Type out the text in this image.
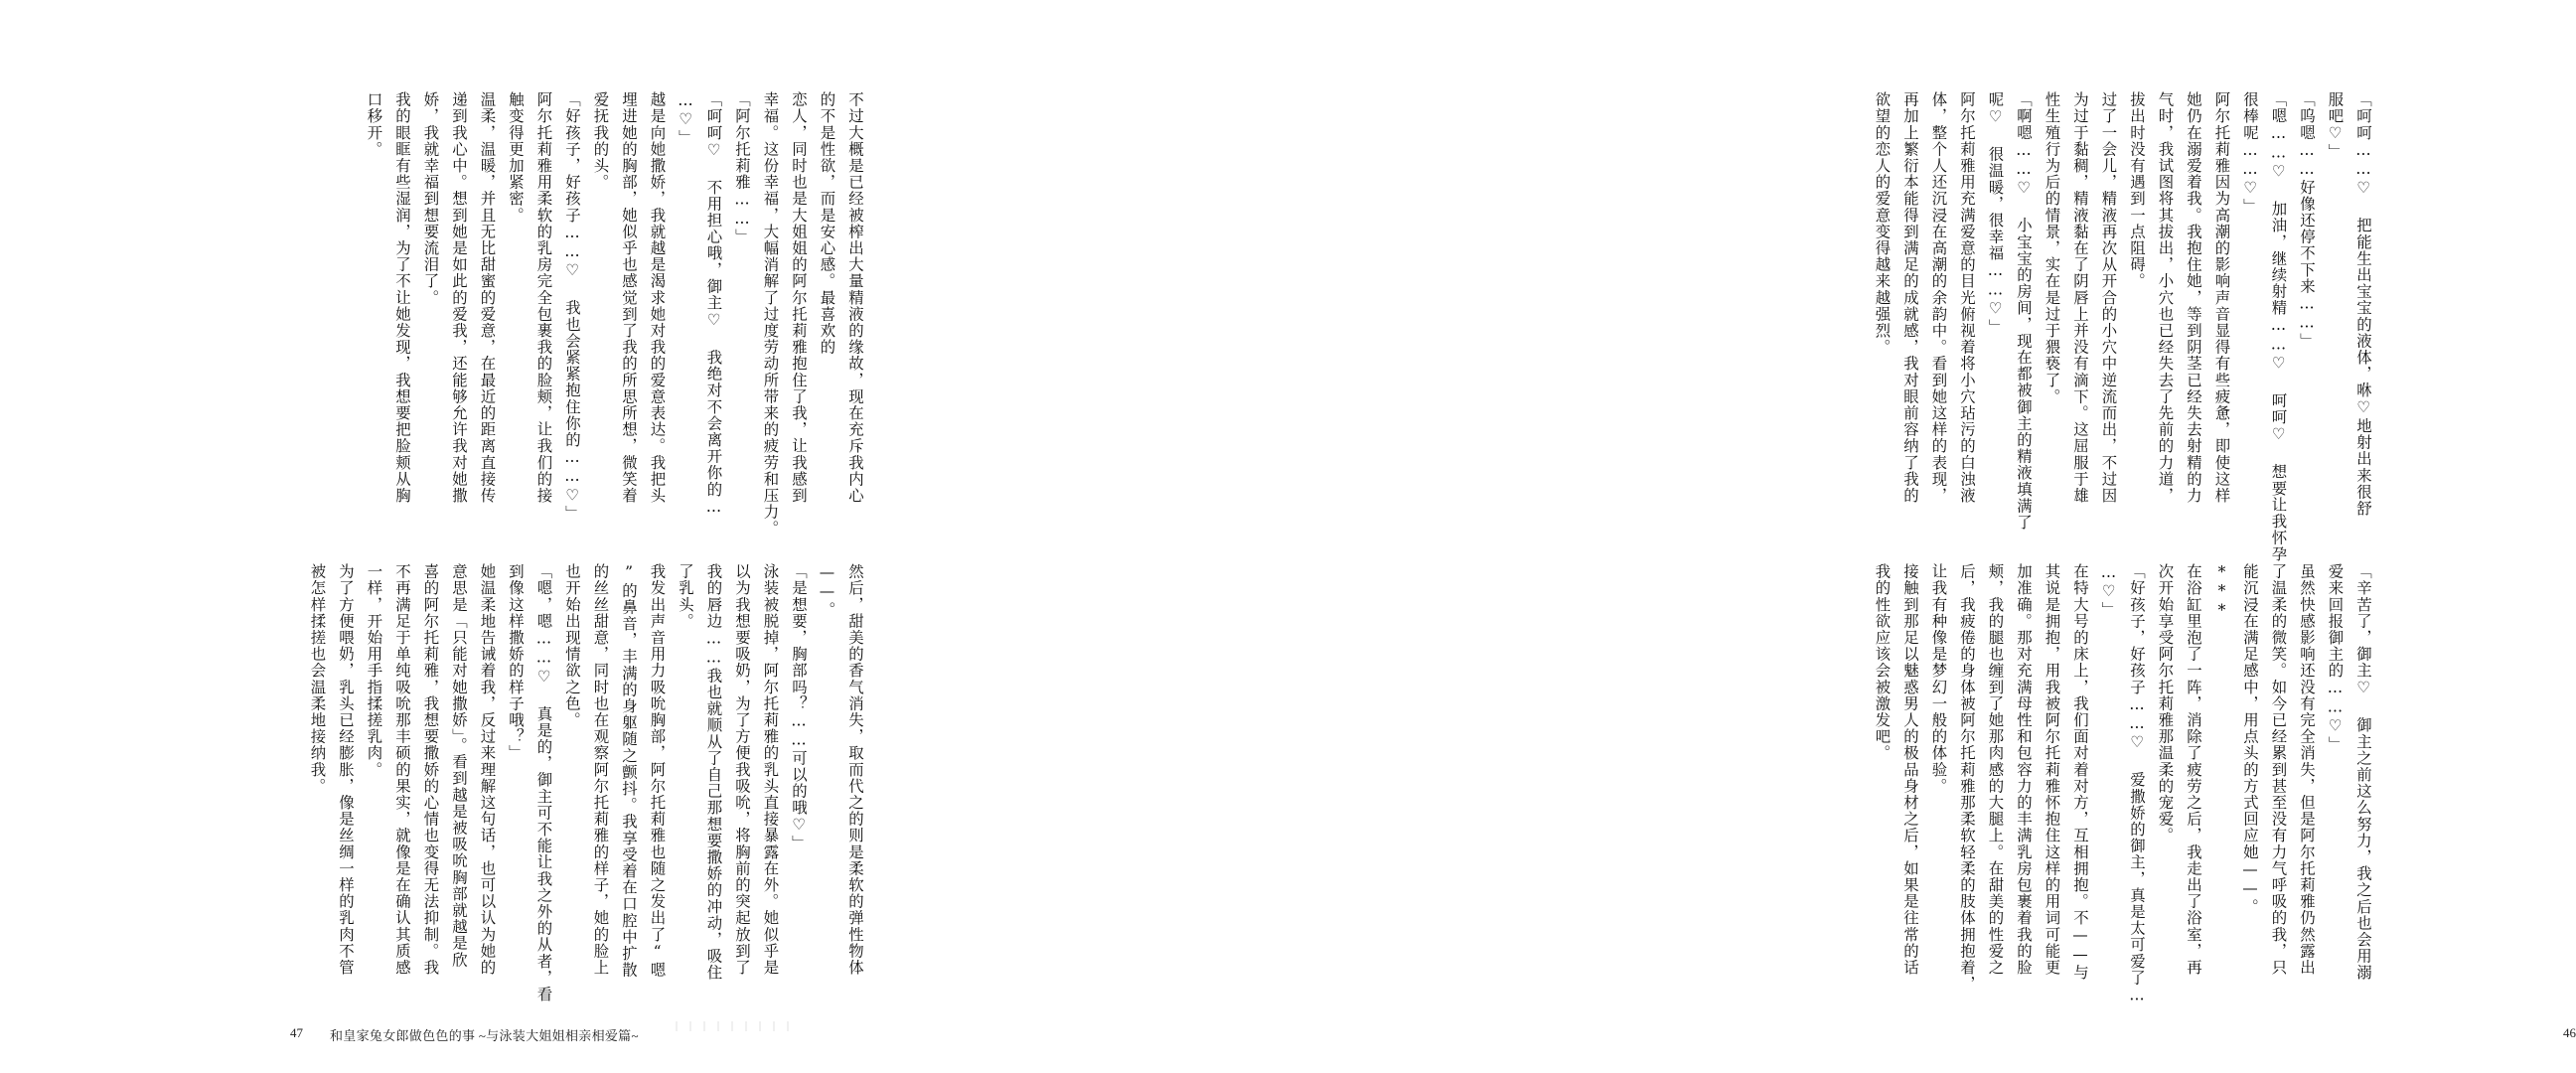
不过大概是已经被榨出大量精液的缘故，现在充斥我内心

的不是性欲，而是安心感。最喜欢的

恋人，同时也是大姐姐的阿尔托莉雅抱住了我，让我感到

幸福。这份幸福，大幅消解了过度劳动所带来的疲劳和压力。

「阿尔托莉雅……」

「呵呵♡ 不用担心哦，御主♡ 我绝对不会离开你的…

…♡」

越是向她撒娇，我就越是渴求她对我的爱意表达。我把头

埋进她的胸部，她似乎也感觉到了我的所思所想，微笑着

爱抚我的头。

「好孩子，好孩子……♡ 我也会紧紧抱住你的……♡」

阿尔托莉雅用柔软的乳房完全包裹我的脸颊，让我们的接

触变得更加紧密。

温柔，温暖，并且无比甜蜜的爱意，在最近的距离直接传

递到我心中。想到她是如此的爱我，还能够允许我对她撒

娇，我就幸福到想要流泪了。

我的眼眶有些湿润，为了不让她发现，我想要把脸颊从胸

口移开。

然后，甜美的香气消失，取而代之的则是柔软的弹性物体

——。

「是想要，胸部吗？……可以的哦♡」

泳装被脱掉，阿尔托莉雅的乳头直接暴露在外。她似乎是

以为我想要吸奶，为了方便我吸吮，将胸前的突起放到了

我的唇边……我也就顺从了自己那想要撒娇的冲动，吸住

了乳头。

我发出声音用力吸吮胸部，阿尔托莉雅也随之发出了“嗯

”的鼻音，丰满的身躯随之颤抖。我享受着在口腔中扩散

的丝丝甜意，同时也在观察阿尔托莉雅的样子，她的脸上

也开始出现情欲之色。

「嗯，嗯……♡ 真是的，御主可不能让我之外的从者，看

到像这样撒娇的样子哦？」

她温柔地告诫着我，反过来理解这句话，也可以认为她的

意思是「只能对她撒娇」。看到越是被吸吮胸部就越是欣

喜的阿尔托莉雅，我想要撒娇的心情也变得无法抑制。我

不再满足于单纯吸吮那丰硕的果实，就像是在确认其质感

一样，开始用手指揉搓乳肉。

为了方便喂奶，乳头已经膨胀，像是丝绸一样的乳肉不管

被怎样揉搓也会温柔地接纳我。

47 和皇家兔女郎做色色的事 ~与泳装大姐姐相亲相爱篇~

「呵呵……♡ 把能生出宝宝的液体，咻♡地射出来很舒

服吧♡」

「呜嗯……好像还停不下来……」

「嗯……♡ 加油，继续射精……♡ 呵呵♡ 想要让我怀孕

很棒呢……♡」

阿尔托莉雅因为高潮的影响声音显得有些疲惫，即使这样

她仍在溺爱着我。我抱住她，等到阴茎已经失去射精的力

气时，我试图将其拔出，小穴也已经失去了先前的力道，

拔出时没有遇到一点阻碍。

过了一会儿，精液再次从开合的小穴中逆流而出，不过因

为过于黏稠，精液黏在了阴唇上并没有滴下。这屈服于雄

性生殖行为后的情景，实在是过于猥亵了。

「啊嗯……♡ 小宝宝的房间，现在都被御主的精液填满了

呢♡ 很温暖，很幸福……♡」

阿尔托莉雅用充满爱意的目光俯视着将小穴玷污的白浊液

体，整个人还沉浸在高潮的余韵中。看到她这样的表现，

再加上繁衍本能得到满足的成就感，我对眼前容纳了我的

欲望的恋人的爱意变得越来越强烈。

「辛苦了，御主♡ 御主之前这么努力，我之后也会用溺

爱来回报御主的……♡」

虽然快感影响还没有完全消失，但是阿尔托莉雅仍然露出

了温柔的微笑。如今已经累到甚至没有力气呼吸的我，只

能沉浸在满足感中，用点头的方式回应她——。

***

在浴缸里泡了一阵，消除了疲劳之后，我走出了浴室，再

次开始享受阿尔托莉雅那温柔的宠爱。

「好孩子，好孩子……♡ 爱撒娇的御主，真是太可爱了…

…♡」

在特大号的床上，我们面对着对方，互相拥抱。不——与

其说是拥抱，用我被阿尔托莉雅怀抱住这样的用词可能更

加准确。那对充满母性和包容力的丰满乳房包裹着我的脸

颊，我的腿也缠到了她那肉感的大腿上。在甜美的性爱之

后，我疲倦的身体被阿尔托莉雅那柔软轻柔的肢体拥抱着，

让我有种像是梦幻一般的体验。

接触到那足以魅惑男人的极品身材之后，如果是往常的话

我的性欲应该会被激发吧。

46
